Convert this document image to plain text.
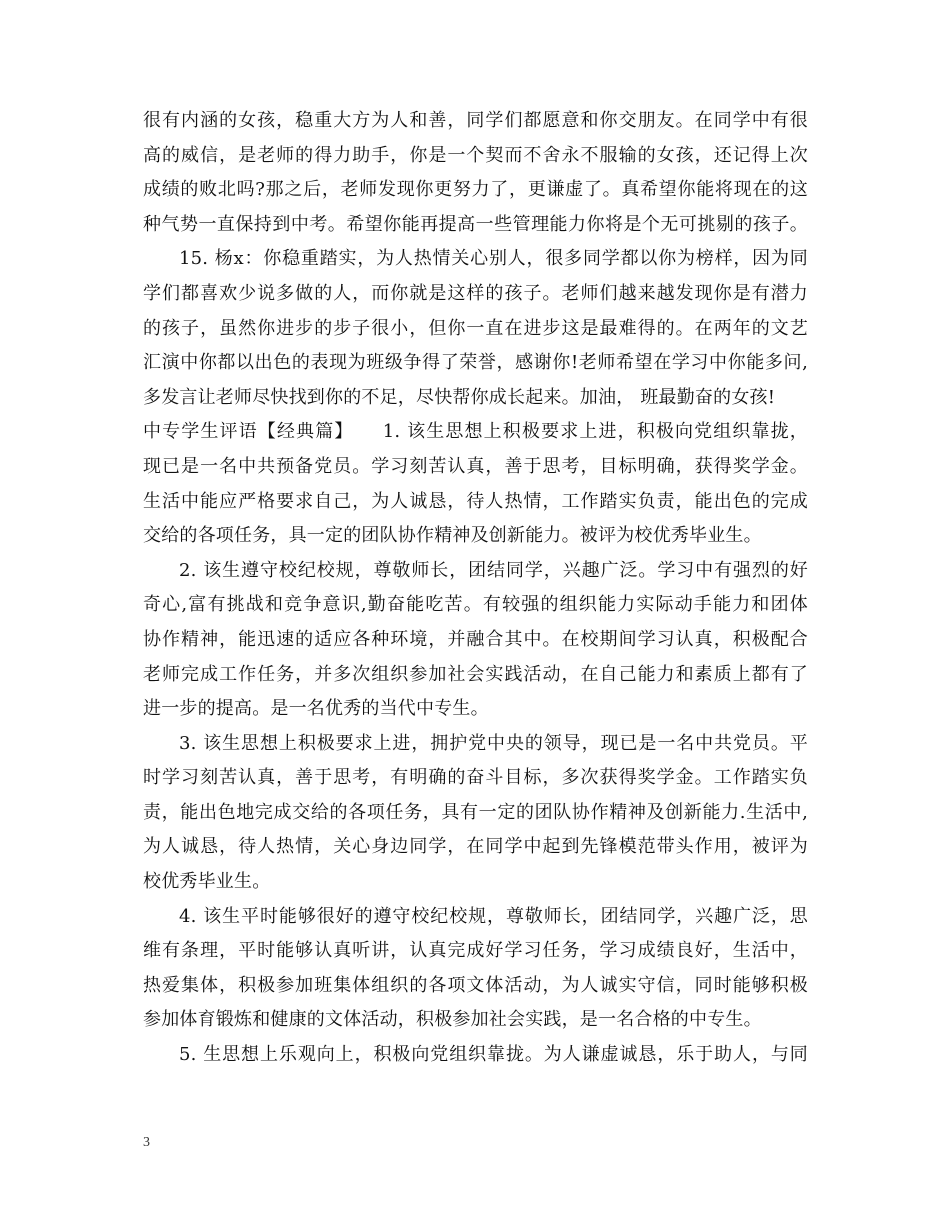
很有内涵的女孩，稳重大方为人和善，同学们都愿意和你交朋友。在同学中有很

高的威信，是老师的得力助手，你是一个契而不舍永不服输的女孩，还记得上次

成绩的败北吗?那之后，老师发现你更努力了，更谦虚了。真希望你能将现在的这

种气势一直保持到中考。希望你能再提高一些管理能力你将是个无可挑剔的孩子。

15. 杨x：你稳重踏实，为人热情关心别人，很多同学都以你为榜样，因为同

学们都喜欢少说多做的人，而你就是这样的孩子。老师们越来越发现你是有潜力

的孩子，虽然你进步的步子很小，但你一直在进步这是最难得的。在两年的文艺

汇演中你都以出色的表现为班级争得了荣誉，感谢你!老师希望在学习中你能多问,

多发言让老师尽快找到你的不足，尽快帮你成长起来。加油， 班最勤奋的女孩!

中专学生评语【经典篇】　　1. 该生思想上积极要求上进，积极向党组织靠拢，

现已是一名中共预备党员。学习刻苦认真，善于思考，目标明确，获得奖学金。

生活中能应严格要求自己，为人诚恳，待人热情，工作踏实负责，能出色的完成

交给的各项任务，具一定的团队协作精神及创新能力。被评为校优秀毕业生。

2. 该生遵守校纪校规，尊敬师长，团结同学，兴趣广泛。学习中有强烈的好

奇心,富有挑战和竞争意识,勤奋能吃苦。有较强的组织能力实际动手能力和团体

协作精神，能迅速的适应各种环境，并融合其中。在校期间学习认真，积极配合

老师完成工作任务，并多次组织参加社会实践活动，在自己能力和素质上都有了

进一步的提高。是一名优秀的当代中专生。

3. 该生思想上积极要求上进，拥护党中央的领导，现已是一名中共党员。平

时学习刻苦认真，善于思考，有明确的奋斗目标，多次获得奖学金。工作踏实负

责，能出色地完成交给的各项任务，具有一定的团队协作精神及创新能力.生活中,

为人诚恳，待人热情，关心身边同学，在同学中起到先锋模范带头作用，被评为

校优秀毕业生。

4. 该生平时能够很好的遵守校纪校规，尊敬师长，团结同学，兴趣广泛，思

维有条理，平时能够认真听讲，认真完成好学习任务，学习成绩良好，生活中，

热爱集体，积极参加班集体组织的各项文体活动，为人诚实守信，同时能够积极

参加体育锻炼和健康的文体活动，积极参加社会实践，是一名合格的中专生。

5. 生思想上乐观向上，积极向党组织靠拢。为人谦虚诚恳，乐于助人，与同

3
